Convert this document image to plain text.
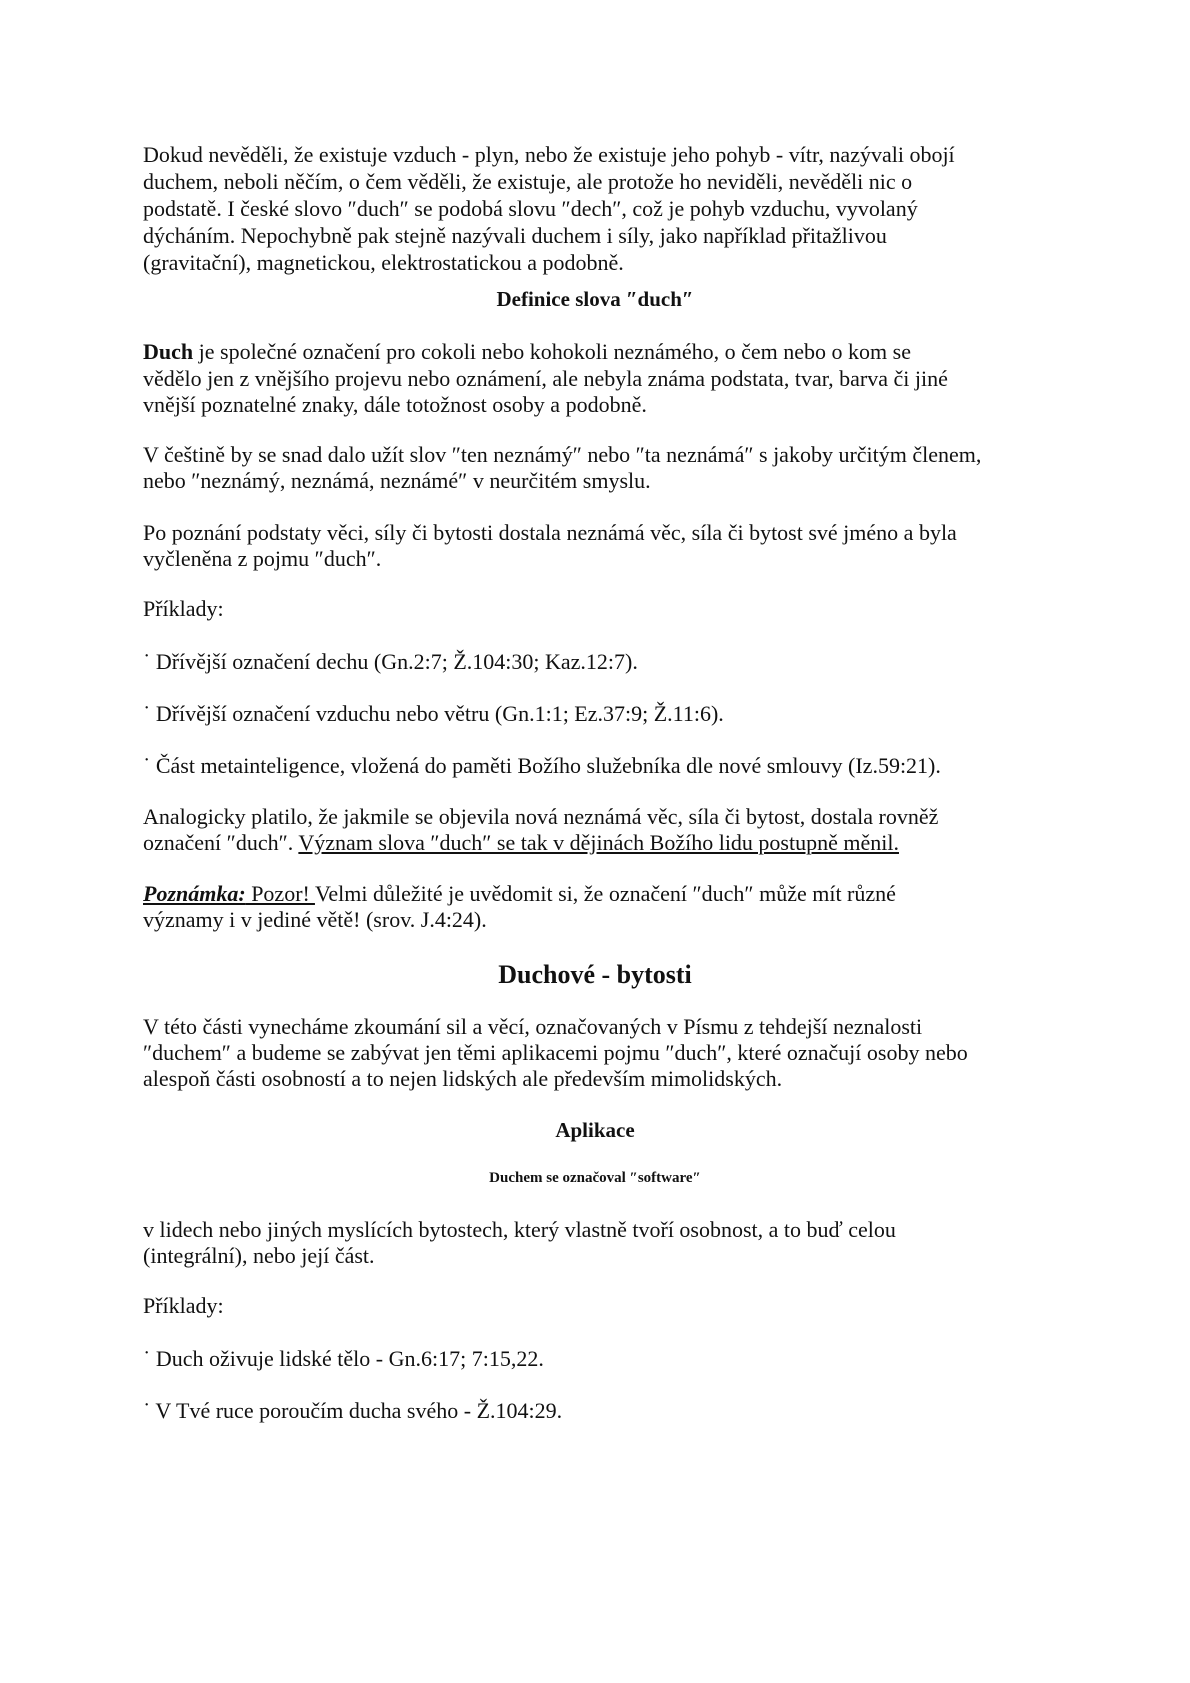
Dokud nevěděli, že existuje vzduch - plyn, nebo že existuje jeho pohyb - vítr, nazývali obojí
duchem, neboli něčím, o čem věděli, že existuje, ale protože ho neviděli, nevěděli nic o
podstatě. I české slovo ″duch″ se podobá slovu ″dech″, což je pohyb vzduchu, vyvolaný
dýcháním. Nepochybně pak stejně nazývali duchem i síly, jako například přitažlivou
(gravitační), magnetickou, elektrostatickou a podobně.
Definice slova ″duch″
Duch je společné označení pro cokoli nebo kohokoli neznámého, o čem nebo o kom se
vědělo jen z vnějšího projevu nebo oznámení, ale nebyla známa podstata, tvar, barva či jiné
vnější poznatelné znaky, dále totožnost osoby a podobně.
V češtině by se snad dalo užít slov ″ten neznámý″ nebo ″ta neznámá″ s jakoby určitým členem,
nebo ″neznámý, neznámá, neznámé″ v neurčitém smyslu.
Po poznání podstaty věci, síly či bytosti dostala neznámá věc, síla či bytost své jméno a byla
vyčleněna z pojmu ″duch″.
Příklady:
˙ Dřívější označení dechu (Gn.2:7; Ž.104:30; Kaz.12:7).
˙ Dřívější označení vzduchu nebo větru (Gn.1:1; Ez.37:9; Ž.11:6).
˙ Část metainteligence, vložená do paměti Božího služebníka dle nové smlouvy (Iz.59:21).
Analogicky platilo, že jakmile se objevila nová neznámá věc, síla či bytost, dostala rovněž
označení ″duch″. Význam slova ″duch″ se tak v dějinách Božího lidu postupně měnil.
Poznámka: Pozor! Velmi důležité je uvědomit si, že označení ″duch″ může mít různé
významy i v jediné větě! (srov. J.4:24).
Duchové - bytosti
V této části vynecháme zkoumání sil a věcí, označovaných v Písmu z tehdejší neznalosti
″duchem″ a budeme se zabývat jen těmi aplikacemi pojmu ″duch″, které označují osoby nebo
alespoň části osobností a to nejen lidských ale především mimolidských.
Aplikace
Duchem se označoval ″software″
v lidech nebo jiných myslících bytostech, který vlastně tvoří osobnost, a to buď celou
(integrální), nebo její část.
Příklady:
˙ Duch oživuje lidské tělo - Gn.6:17; 7:15,22.
˙ V Tvé ruce poroučím ducha svého - Ž.104:29.
